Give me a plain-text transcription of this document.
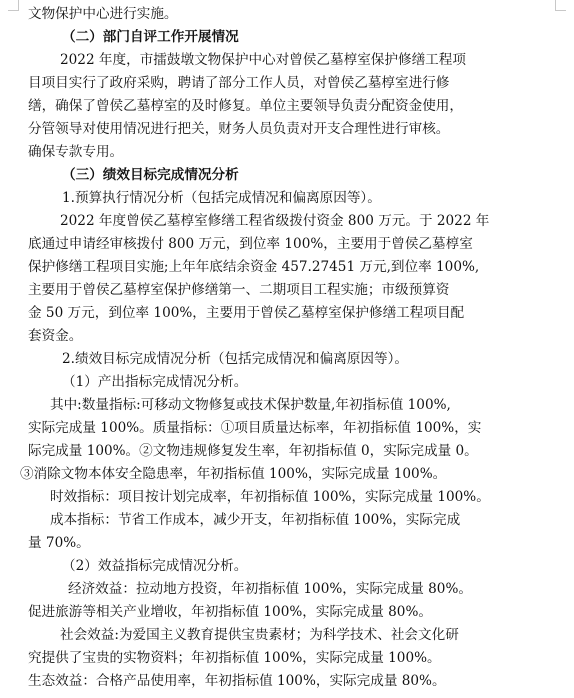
文物保护中心进行实施。
（二）部门自评工作开展情况
2022 年度，市擂鼓墩文物保护中心对曾侯乙墓椁室保护修缮工程项
目项目实行了政府采购，聘请了部分工作人员，对曾侯乙墓椁室进行修
缮，确保了曾侯乙墓椁室的及时修复。单位主要领导负责分配资金使用，
分管领导对使用情况进行把关，财务人员负责对开支合理性进行审核。
确保专款专用。
（三）绩效目标完成情况分析
1.预算执行情况分析（包括完成情况和偏离原因等）。
2022 年度曾侯乙墓椁室修缮工程省级拨付资金 800 万元。于 2022 年
底通过申请经审核拨付 800 万元，到位率 100%，主要用于曾侯乙墓椁室
保护修缮工程项目实施;上年年底结余资金 457.27451 万元,到位率 100%,
主要用于曾侯乙墓椁室保护修缮第一、二期项目工程实施；市级预算资
金 50 万元，到位率 100%，主要用于曾侯乙墓椁室保护修缮工程项目配
套资金。
2.绩效目标完成情况分析（包括完成情况和偏离原因等）。
（1）产出指标完成情况分析。
其中:数量指标:可移动文物修复或技术保护数量,年初指标值 100%,
实际完成量 100%。质量指标：①项目质量达标率，年初指标值 100%，实
际完成量 100%。②文物违规修复发生率，年初指标值 0，实际完成量 0。
③消除文物本体安全隐患率，年初指标值 100%，实际完成量 100%。
时效指标：项目按计划完成率，年初指标值 100%，实际完成量 100%。
成本指标：节省工作成本，减少开支，年初指标值 100%，实际完成
量 70%。
（2）效益指标完成情况分析。
经济效益：拉动地方投资，年初指标值 100%，实际完成量 80%。
促进旅游等相关产业增收，年初指标值 100%，实际完成量 80%。
社会效益:为爱国主义教育提供宝贵素材；为科学技术、社会文化研
究提供了宝贵的实物资料；年初指标值 100%，实际完成量 100%。
生态效益：合格产品使用率，年初指标值 100%，实际完成量 80%。
